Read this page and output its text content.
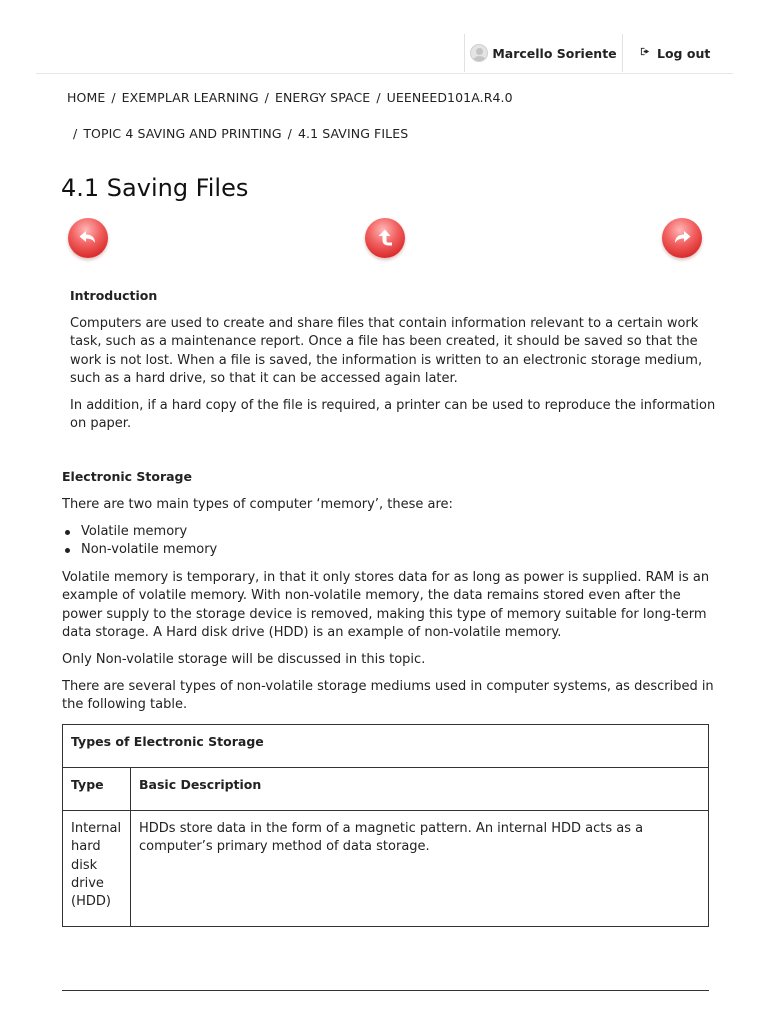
Marcello Soriente	Log out
HOME / EXEMPLAR LEARNING / ENERGY SPACE / UEENEED101A.R4.0
/ TOPIC 4 SAVING AND PRINTING / 4.1 SAVING FILES
4.1 Saving Files
Introduction

Computers are used to create and share files that contain information relevant to a certain work task, such as a maintenance report. Once a file has been created, it should be saved so that the work is not lost. When a file is saved, the information is written to an electronic storage medium, such as a hard drive, so that it can be accessed again later.

In addition, if a hard copy of the file is required, a printer can be used to reproduce the information on paper.

Electronic Storage

There are two main types of computer ‘memory’, these are:

Volatile memory
Non-volatile memory

Volatile memory is temporary, in that it only stores data for as long as power is supplied. RAM is an example of volatile memory. With non-volatile memory, the data remains stored even after the power supply to the storage device is removed, making this type of memory suitable for long-term data storage. A Hard disk drive (HDD) is an example of non-volatile memory.

Only Non-volatile storage will be discussed in this topic.

There are several types of non-volatile storage mediums used in computer systems, as described in the following table.

Types of Electronic Storage	
Type	Basic Description
Internal hard disk drive (HDD)	HDDs store data in the form of a magnetic pattern. An internal HDD acts as a computer’s primary method of data storage.
